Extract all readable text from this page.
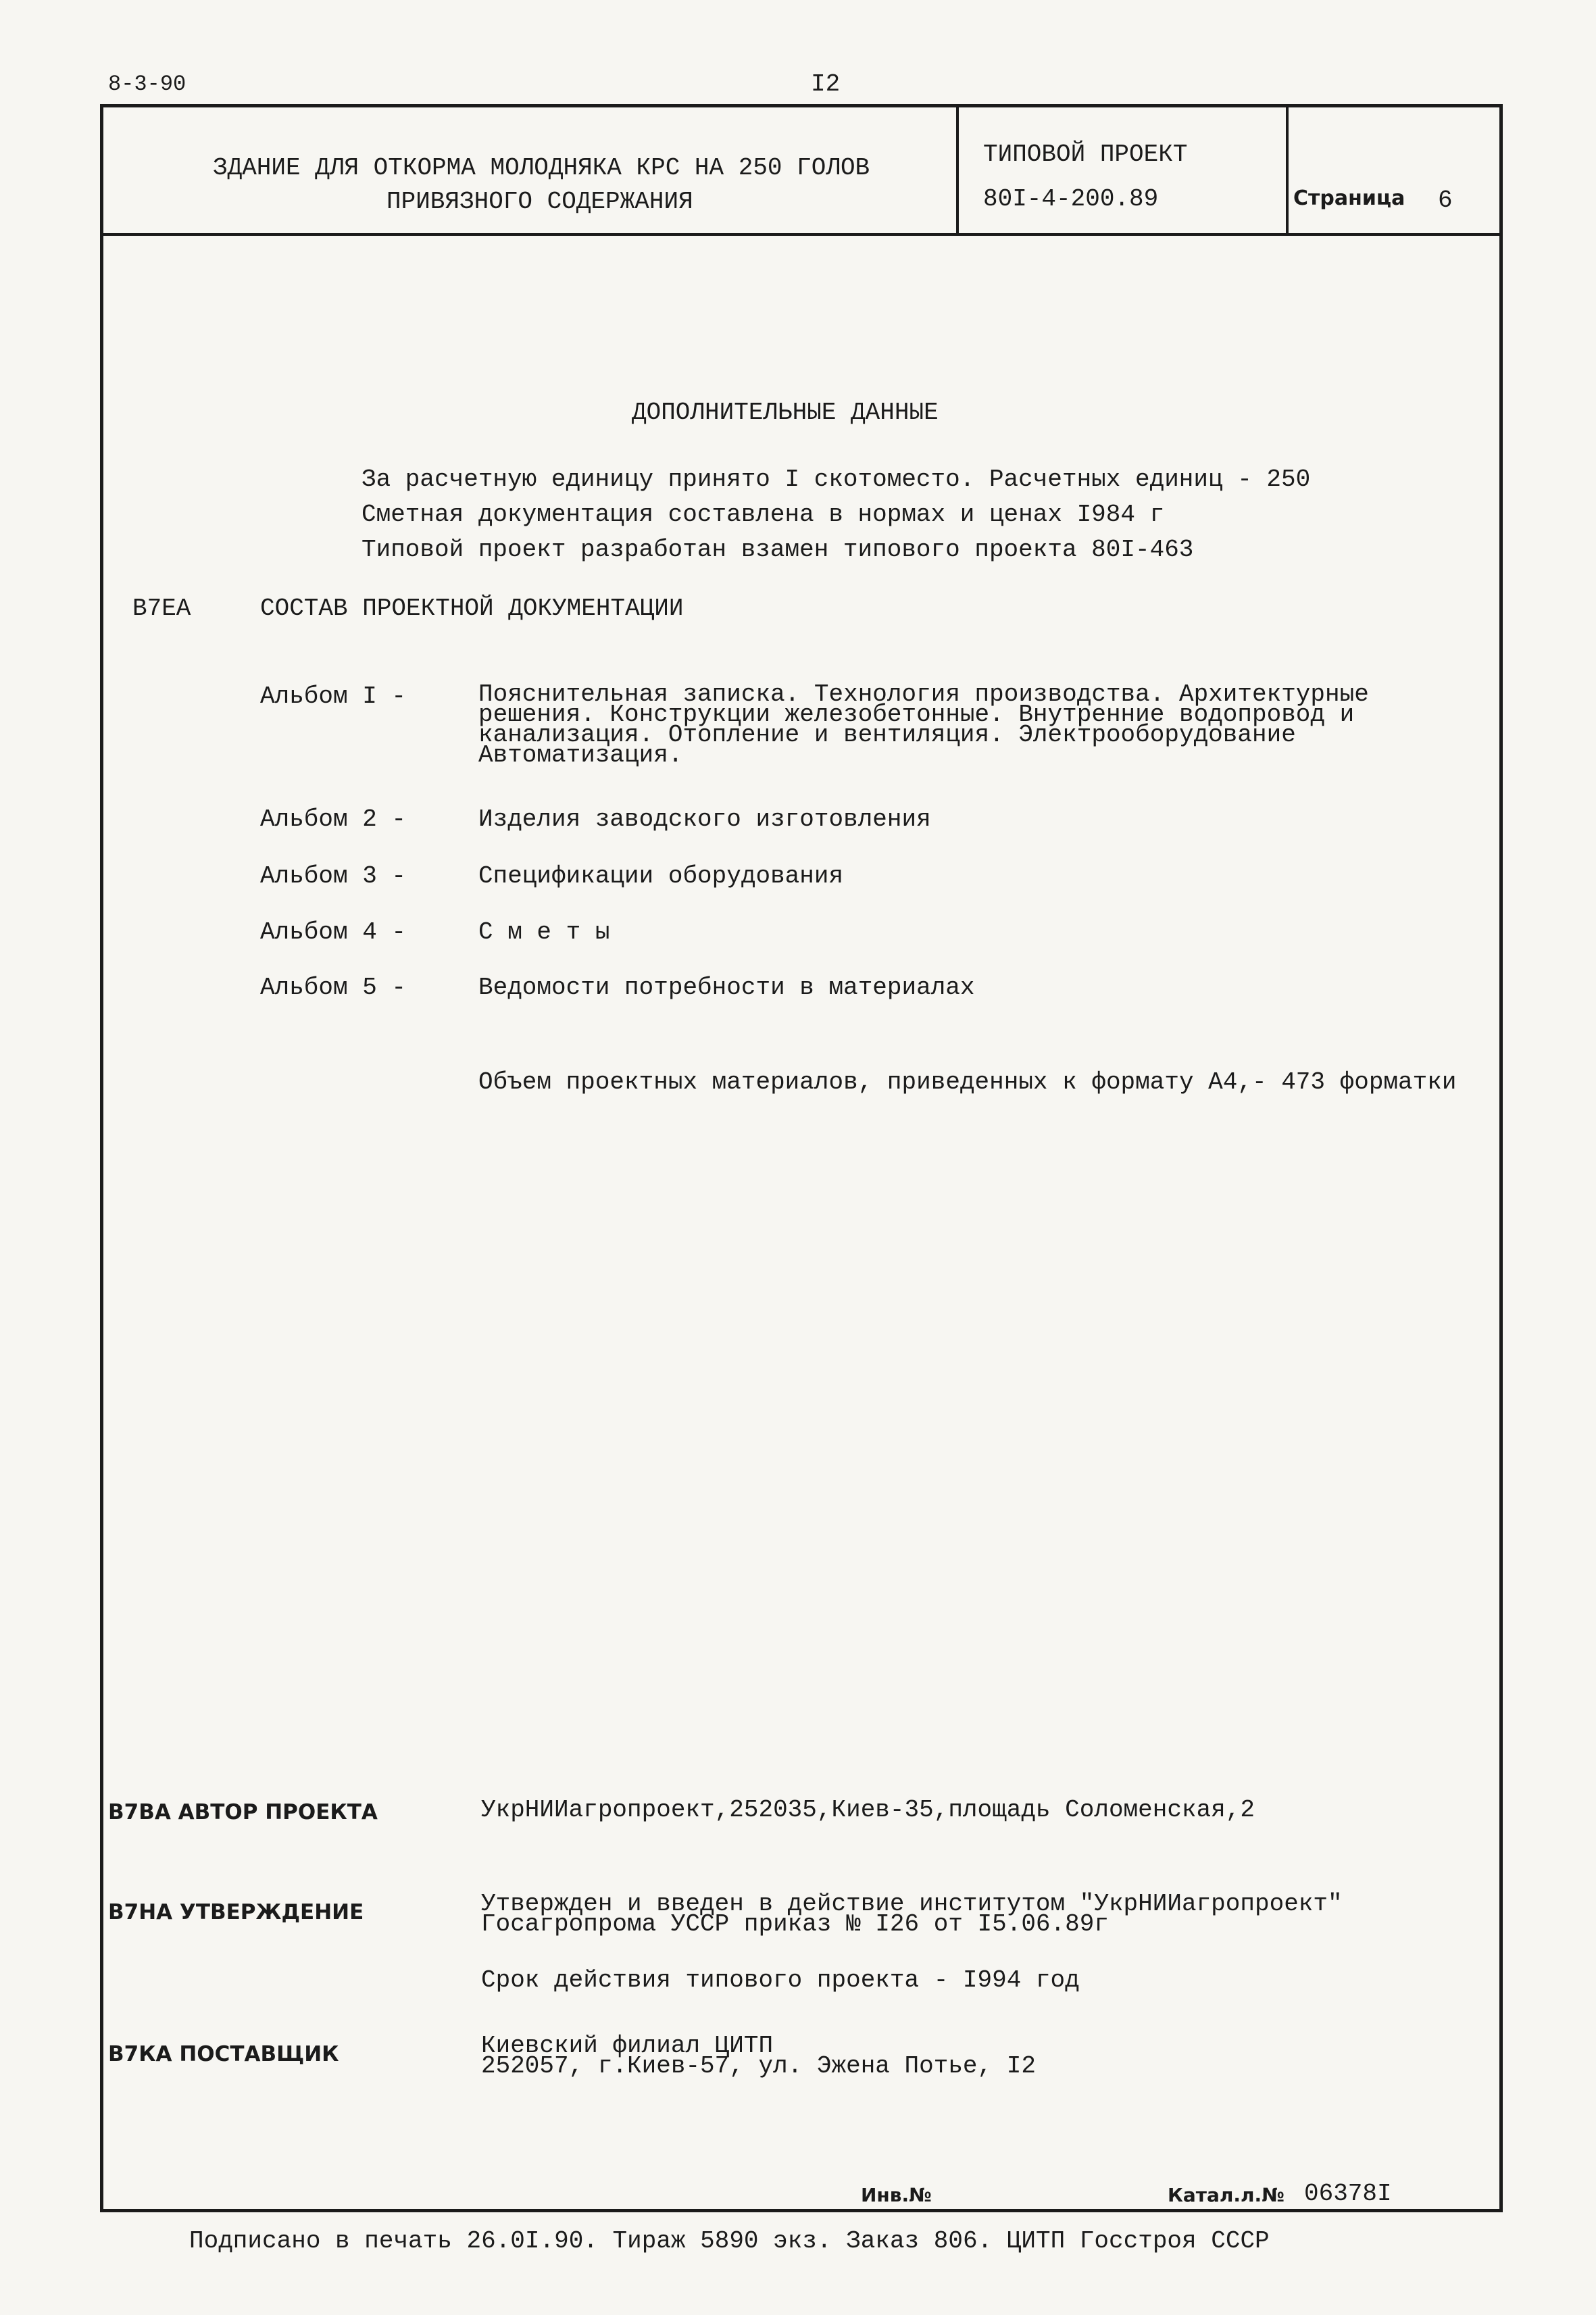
8-3-90	I2
ЗДАНИЕ ДЛЯ ОТКОРМА МОЛОДНЯКА КРС НА 250 ГОЛОВ
ПРИВЯЗНОГО СОДЕРЖАНИЯ
ТИПОВОЙ ПРОЕКТ
80I-4-200.89	Страница 6
ДОПОЛНИТЕЛЬНЫЕ ДАННЫЕ
За расчетную единицу принято I скотоместо. Расчетных единиц - 250
Сметная документация составлена в нормах и ценах I984 г
Типовой проект разработан взамен типового проекта 80I-463
В7ЕА	СОСТАВ ПРОЕКТНОЙ ДОКУМЕНТАЦИИ
Альбом I -	Пояснительная записка. Технология производства. Архитектурные
решения. Конструкции железобетонные. Внутренние водопровод и
канализация. Отопление и вентиляция. Электрооборудование
Автоматизация.
Альбом 2 -	Изделия заводского изготовления
Альбом 3 -	Спецификации оборудования
Альбом 4 -	С м е т ы
Альбом 5 -	Ведомости потребности в материалах
Объем проектных материалов, приведенных к формату А4,- 473 форматки
В7ВА АВТОР ПРОЕКТА	УкрНИИагропроект,252035,Киев-35,площадь Соломенская,2
В7НА УТВЕРЖДЕНИЕ	Утвержден и введен в действие институтом "УкрНИИагропроект"
Госагропрома УССР приказ № I26 от I5.06.89г
Срок действия типового проекта - I994 год
В7КА ПОСТАВЩИК	Киевский филиал ЦИТП
252057, г.Киев-57, ул. Эжена Потье, I2
Инв.№	Катал.л.№ 06378I
Подписано в печать 26.0I.90. Тираж 5890 экз. Заказ 806. ЦИТП Госстроя СССР
